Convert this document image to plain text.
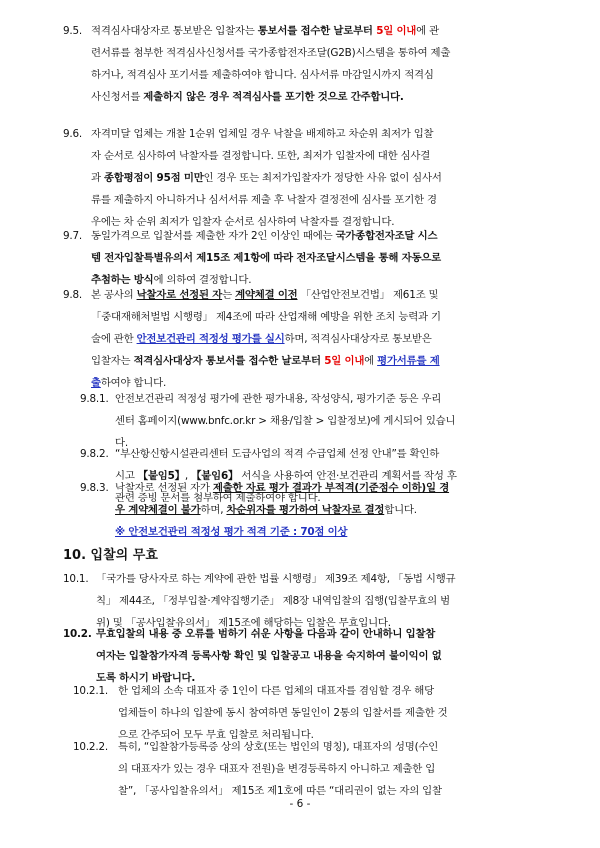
9.5. 적격심사대상자로 통보받은 입찰자는 통보서를 접수한 날로부터 5일 이내에 관
련서류를 첨부한 적격심사신청서를 국가종합전자조달(G2B)시스템을 통하여 제출
하거나, 적격심사 포기서를 제출하여야 합니다. 심사서류 마감일시까지 적격심
사신청서를 제출하지 않은 경우 적격심사를 포기한 것으로 간주합니다.
9.6. 자격미달 업체는 개찰 1순위 업체일 경우 낙찰을 배제하고 차순위 최저가 입찰
자 순서로 심사하여 낙찰자를 결정합니다. 또한, 최저가 입찰자에 대한 심사결
과 종합평점이 95점 미만인 경우 또는 최저가입찰자가 정당한 사유 없이 심사서
류를 제출하지 아니하거나 심서서류 제출 후 낙찰자 결정전에 심사를 포기한 경
우에는 차 순위 최저가 입찰자 순서로 심사하여 낙찰자를 결정합니다.
9.7. 동일가격으로 입찰서를 제출한 자가 2인 이상인 때에는 국가종합전자조달 시스
템 전자입찰특별유의서 제15조 제1항에 따라 전자조달시스템을 통해 자동으로
추첨하는 방식에 의하여 결정합니다.
9.8. 본 공사의 낙찰자로 선정된 자는 계약체결 이전 「산업안전보건법」 제61조 및
「중대재해처벌법 시행령」 제4조에 따라 산업재해 예방을 위한 조치 능력과 기
술에 관한 안전보건관리 적정성 평가를 실시하며, 적격심사대상자로 통보받은
입찰자는 적격심사대상자 통보서를 접수한 날로부터 5일 이내에 평가서류를 제
출하여야 합니다.
9.8.1. 안전보건관리 적정성 평가에 관한 평가내용, 작성양식, 평가기준 등은 우리
센터 홈페이지(www.bnfc.or.kr > 채용/입찰 > 입찰정보)에 게시되어 있습니
다.
9.8.2. “부산항신항시설관리센터 도급사업의 적격 수급업체 선정 안내”를 확인하
시고 【붙임5】, 【붙임6】 서식을 사용하여 안전·보건관리 계획서를 작성 후
관련 증빙 문서를 첨부하여 제출하여야 합니다.
9.8.3. 낙찰자로 선정된 자가 제출한 자료 평가 결과가 부적격(기준점수 이하)일 경
우 계약체결이 불가하며, 차순위자를 평가하여 낙찰자로 결정합니다.
※ 안전보건관리 적정성 평가 적격 기준 : 70점 이상
10. 입찰의 무효
10.1. 「국가를 당사자로 하는 계약에 관한 법률 시행령」 제39조 제4항, 「동법 시행규
칙」 제44조, 「정부입찰·계약집행기준」 제8장 내역입찰의 집행(입찰무효의 범
위) 및 「공사입찰유의서」 제15조에 해당하는 입찰은 무효입니다.
10.2. 무효입찰의 내용 중 오류를 범하기 쉬운 사항을 다음과 같이 안내하니 입찰참
여자는 입찰참가자격 등록사항 확인 및 입찰공고 내용을 숙지하여 불이익이 없
도록 하시기 바랍니다.
10.2.1. 한 업체의 소속 대표자 중 1인이 다른 업체의 대표자를 겸임할 경우 해당
업체들이 하나의 입찰에 동시 참여하면 동일인이 2통의 입찰서를 제출한 것
으로 간주되어 모두 무효 입찰로 처리됩니다.
10.2.2. 특히, “입찰참가등록증 상의 상호(또는 법인의 명칭), 대표자의 성명(수인
의 대표자가 있는 경우 대표자 전원)을 변경등록하지 아니하고 제출한 입
찰”, 「공사입찰유의서」 제15조 제1호에 따른 “대리권이 없는 자의 입찰
- 6 -
